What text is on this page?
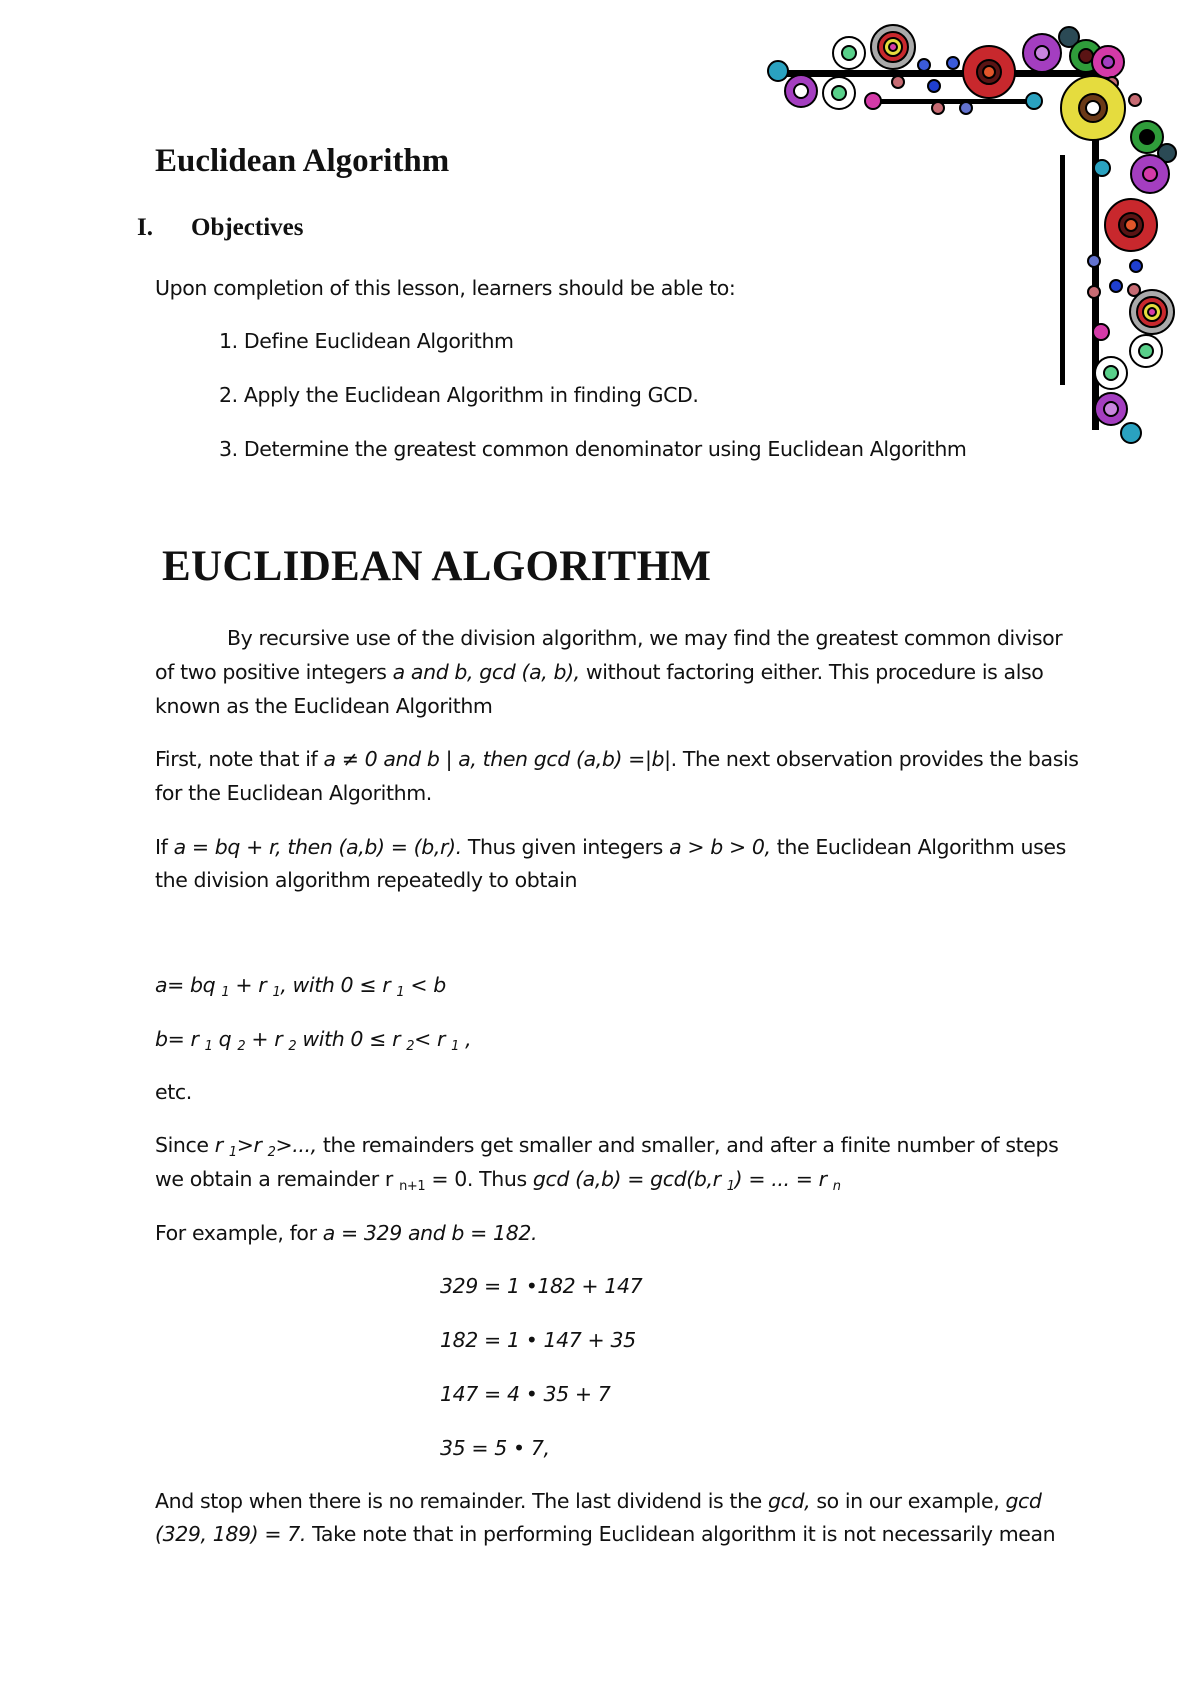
Euclidean Algorithm
I. Objectives
Upon completion of this lesson, learners should be able to:
1. Define Euclidean Algorithm
2. Apply the Euclidean Algorithm in finding GCD.
3. Determine the greatest common denominator using Euclidean Algorithm
EUCLIDEAN ALGORITHM
By recursive use of the division algorithm, we may find the greatest common divisor
of two positive integers a and b, gcd (a, b), without factoring either. This procedure is also
known as the Euclidean Algorithm
First, note that if a ≠ 0 and b | a, then gcd (a,b) =|b|. The next observation provides the basis
for the Euclidean Algorithm.
If a = bq + r, then (a,b) = (b,r). Thus given integers a > b > 0, the Euclidean Algorithm uses
the division algorithm repeatedly to obtain
a= bq $_1$ + r $_1$, with 0 ≤ r $_1$ < b
b= r $_1$ q $_2$ + r $_2$ with 0 ≤ r $_2$< r $_1$ ,
etc.
Since r $_1$>r $_2$>..., the remainders get smaller and smaller, and after a finite number of steps
we obtain a remainder r $_{n+1}$ = 0. Thus gcd (a,b) = gcd(b,r $_1$) = ... = r $_n$
For example, for a = 329 and b = 182.
329 = 1 •182 + 147
182 = 1 • 147 + 35
147 = 4 • 35 + 7
35 = 5 • 7,
And stop when there is no remainder. The last dividend is the gcd, so in our example, gcd
(329, 189) = 7. Take note that in performing Euclidean algorithm it is not necessarily mean
